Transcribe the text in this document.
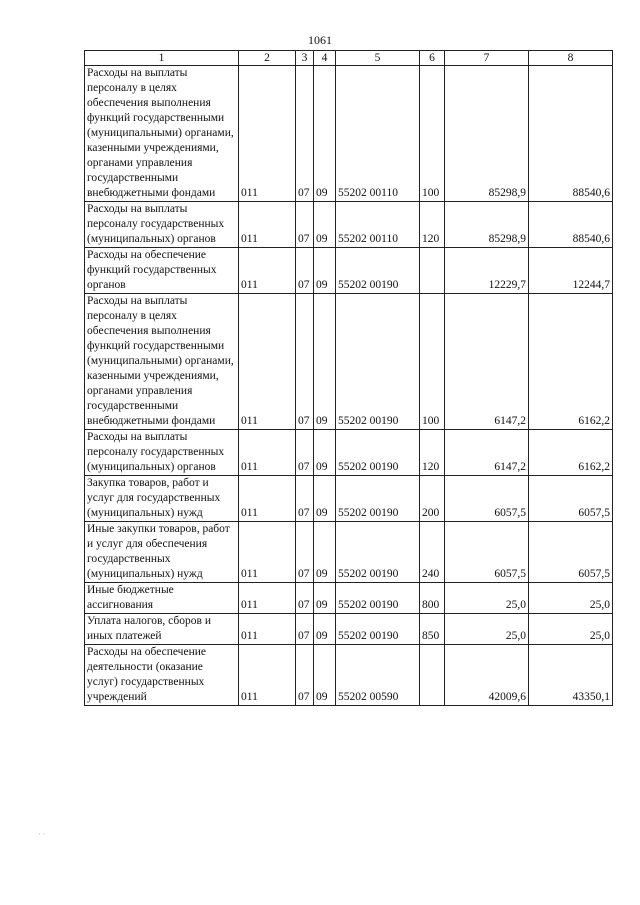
1061
1	2	3	4	5	6	7	8
Расходы на выплаты персоналу в целях обеспечения выполнения функций государственными (муниципальными) органами, казенными учреждениями, органами управления государственными внебюджетными фондами	011	07	09	55202 00110	100	85298,9	88540,6
Расходы на выплаты персоналу государственных (муниципальных) органов	011	07	09	55202 00110	120	85298,9	88540,6
Расходы на обеспечение функций государственных органов	011	07	09	55202 00190		12229,7	12244,7
Расходы на выплаты персоналу в целях обеспечения выполнения функций государственными (муниципальными) органами, казенными учреждениями, органами управления государственными внебюджетными фондами	011	07	09	55202 00190	100	6147,2	6162,2
Расходы на выплаты персоналу государственных (муниципальных) органов	011	07	09	55202 00190	120	6147,2	6162,2
Закупка товаров, работ и услуг для государственных (муниципальных) нужд	011	07	09	55202 00190	200	6057,5	6057,5
Иные закупки товаров, работ и услуг для обеспечения государственных (муниципальных) нужд	011	07	09	55202 00190	240	6057,5	6057,5
Иные бюджетные ассигнования	011	07	09	55202 00190	800	25,0	25,0
Уплата налогов, сборов и иных платежей	011	07	09	55202 00190	850	25,0	25,0
Расходы на обеспечение деятельности (оказание услуг) государственных учреждений	011	07	09	55202 00590		42009,6	43350,1
· ·
